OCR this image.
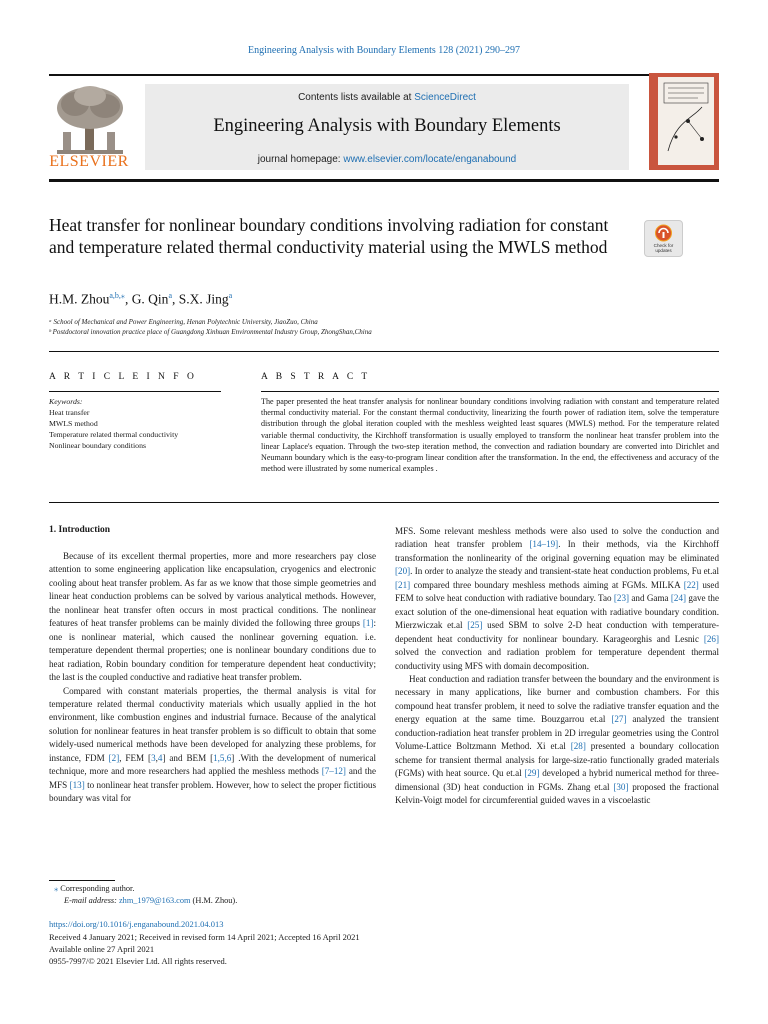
Engineering Analysis with Boundary Elements 128 (2021) 290–297
ELSEVIER
Contents lists available at ScienceDirect
Engineering Analysis with Boundary Elements
journal homepage: www.elsevier.com/locate/enganabound
Heat transfer for nonlinear boundary conditions involving radiation for constant and temperature related thermal conductivity material using the MWLS method	Check for updates
H.M. Zhou$^{a,b,⁎}$, G. Qin$^a$, S.X. Jing$^a$
ᵃ School of Mechanical and Power Engineering, Henan Polytechnic University, JiaoZuo, China
ᵇ Postdoctoral innovation practice place of Guangdong Xinhuan Environmental Industry Group, ZhongShan,China
A R T I C L E I N F O	A B S T R A C T
Keywords:
Heat transfer
MWLS method
Temperature related thermal conductivity
Nonlinear boundary conditions
The paper presented the heat transfer analysis for nonlinear boundary conditions involving radiation with constant and temperature related thermal conductivity material. For the constant thermal conductivity, linearizing the fourth power of radiation item, solve the temperature distribution through the global iteration coupled with the meshless weighted least squares (MWLS) method. For the temperature related variable thermal conductivity, the Kirchhoff transformation is usually employed to transform the nonlinear heat transfer problem into the linear Laplace's equation. Through the two-step iteration method, the convection and radiation boundary are converted into Dirichlet and Neumann boundary which is the easy-to-program linear condition after the transformation. In the end, the effectiveness and accuracy of the method were illustrated by some numerical examples .
1. Introduction

Because of its excellent thermal properties, more and more researchers pay close attention to some engineering application like encapsulation, cryogenics and electronic cooling about heat transfer problem. As far as we know that those simple geometries and linear heat conduction problems can be solved by various analytical methods. However, the nonlinear heat transfer often occurs in most practical conditions. The nonlinear features of heat transfer problems can be mainly divided the following three groups [1]: one is nonlinear material, which caused the nonlinear governing equation. i.e. temperature dependent thermal properties; one is nonlinear boundary conditions due to heat radiation, Robin boundary condition for temperature dependent heat conductivity; the last is the coupled conductive and radiative heat transfer problem.

Compared with constant materials properties, the thermal analysis is vital for temperature related thermal conductivity materials which usually applied in the hot environment, like combustion engines and industrial furnace. Because of the analytical solution for nonlinear features in heat transfer problem is so difficult to obtain that some widely-used numerical methods have been developed for analyzing these problems, for instance, FDM [2], FEM [3,4] and BEM [1,5,6] .With the development of numerical technique, more and more researchers had applied the meshless methods [7–12] and the MFS [13] to nonlinear heat transfer problem. However, how to select the proper fictitious boundary was vital for

MFS. Some relevant meshless methods were also used to solve the conduction and radiation heat transfer problem [14–19]. In their methods, via the Kirchhoff transformation the nonlinearity of the original governing equation may be eliminated [20]. In order to analyze the steady and transient-state heat conduction problems, Fu et.al [21] compared three boundary meshless methods aiming at FGMs. MILKA [22] used FEM to solve heat conduction with radiative boundary. Tao [23] and Gama [24] gave the exact solution of the one-dimensional heat equation with radiative boundary condition. Mierzwiczak et.al [25] used SBM to solve 2-D heat conduction with temperature-dependent heat conductivity for nonlinear boundary. Karageorghis and Lesnic [26] solved the convection and radiation problem for temperature dependent thermal conductivity using MFS with domain decomposition.

Heat conduction and radiation transfer between the boundary and the environment is necessary in many applications, like burner and combustion chambers. For this compound heat transfer problem, it need to solve the radiative transfer equation and the energy equation at the same time. Bouzgarrou et.al [27] analyzed the transient conduction-radiation heat transfer problem in 2D irregular geometries using the Control Volume-Lattice Boltzmann Method. Xi et.al [28] presented a boundary collocation scheme for transient thermal analysis for large-size-ratio functionally graded materials (FGMs) with heat source. Qu et.al [29] developed a hybrid numerical method for three-dimensional (3D) heat conduction in FGMs. Zhang et.al [30] proposed the fractional Kelvin-Voigt model for circumferential guided waves in a viscoelastic

⁎ Corresponding author.
E-mail address: zhm_1979@163.com (H.M. Zhou).
https://doi.org/10.1016/j.enganabound.2021.04.013
Received 4 January 2021; Received in revised form 14 April 2021; Accepted 16 April 2021
Available online 27 April 2021
0955-7997/© 2021 Elsevier Ltd. All rights reserved.
